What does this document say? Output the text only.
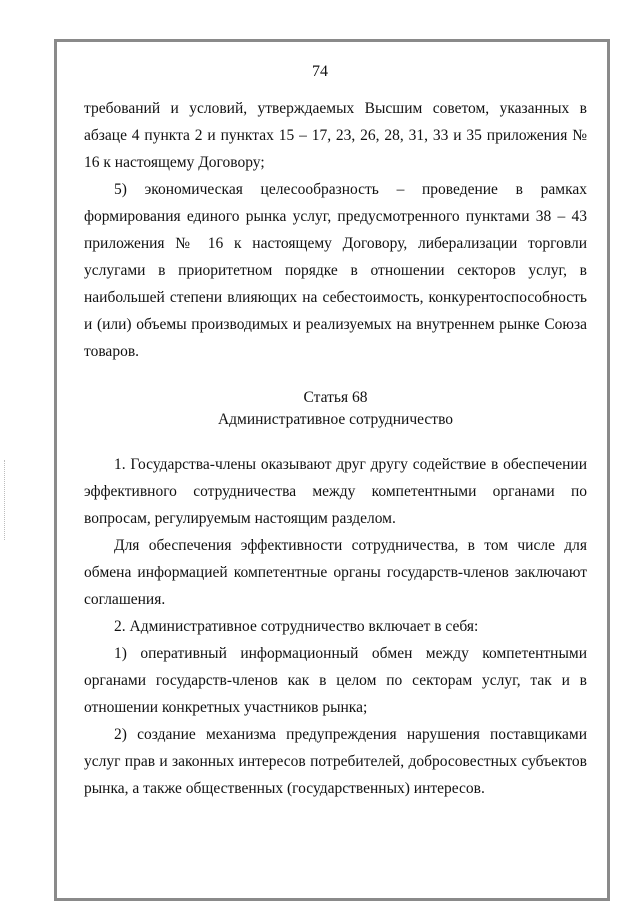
74

требований и условий, утверждаемых Высшим советом, указанных в абзаце 4 пункта 2 и пунктах 15 – 17, 23, 26, 28, 31, 33 и 35 приложения № 16 к настоящему Договору;

5) экономическая целесообразность – проведение в рамках формирования единого рынка услуг, предусмотренного пунктами 38 – 43 приложения № 16 к настоящему Договору, либерализации торговли услугами в приоритетном порядке в отношении секторов услуг, в наибольшей степени влияющих на себестоимость, конкурентоспособность и (или) объемы производимых и реализуемых на внутреннем рынке Союза товаров.

Статья 68

Административное сотрудничество

1. Государства-члены оказывают друг другу содействие в обеспечении эффективного сотрудничества между компетентными органами по вопросам, регулируемым настоящим разделом.

Для обеспечения эффективности сотрудничества, в том числе для обмена информацией компетентные органы государств-членов заключают соглашения.

2. Административное сотрудничество включает в себя:

1) оперативный информационный обмен между компетентными органами государств-членов как в целом по секторам услуг, так и в отношении конкретных участников рынка;

2) создание механизма предупреждения нарушения поставщиками услуг прав и законных интересов потребителей, добросовестных субъектов рынка, а также общественных (государственных) интересов.
